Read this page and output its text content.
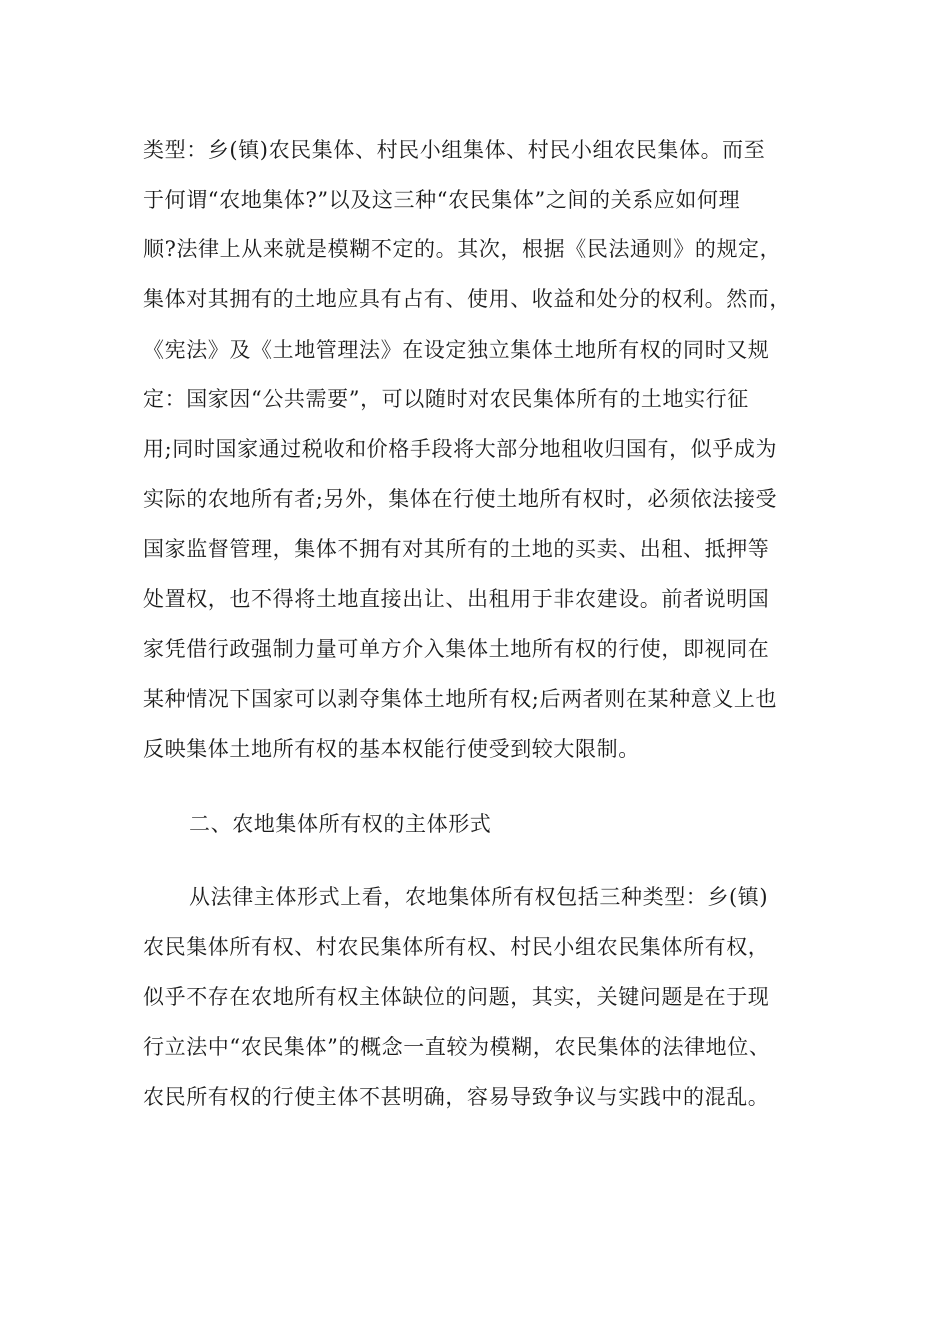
类型：乡(镇)农民集体、村民小组集体、村民小组农民集体。而至
于何谓“农地集体?”以及这三种“农民集体”之间的关系应如何理
顺?法律上从来就是模糊不定的。其次，根据《民法通则》的规定，
集体对其拥有的土地应具有占有、使用、收益和处分的权利。然而，
《宪法》及《土地管理法》在设定独立集体土地所有权的同时又规
定：国家因“公共需要”，可以随时对农民集体所有的土地实行征
用;同时国家通过税收和价格手段将大部分地租收归国有，似乎成为
实际的农地所有者;另外，集体在行使土地所有权时，必须依法接受
国家监督管理，集体不拥有对其所有的土地的买卖、出租、抵押等
处置权，也不得将土地直接出让、出租用于非农建设。前者说明国
家凭借行政强制力量可单方介入集体土地所有权的行使，即视同在
某种情况下国家可以剥夺集体土地所有权;后两者则在某种意义上也
反映集体土地所有权的基本权能行使受到较大限制。
二、农地集体所有权的主体形式
从法律主体形式上看，农地集体所有权包括三种类型：乡(镇)
农民集体所有权、村农民集体所有权、村民小组农民集体所有权，
似乎不存在农地所有权主体缺位的问题，其实，关键问题是在于现
行立法中“农民集体”的概念一直较为模糊，农民集体的法律地位、
农民所有权的行使主体不甚明确，容易导致争议与实践中的混乱。
